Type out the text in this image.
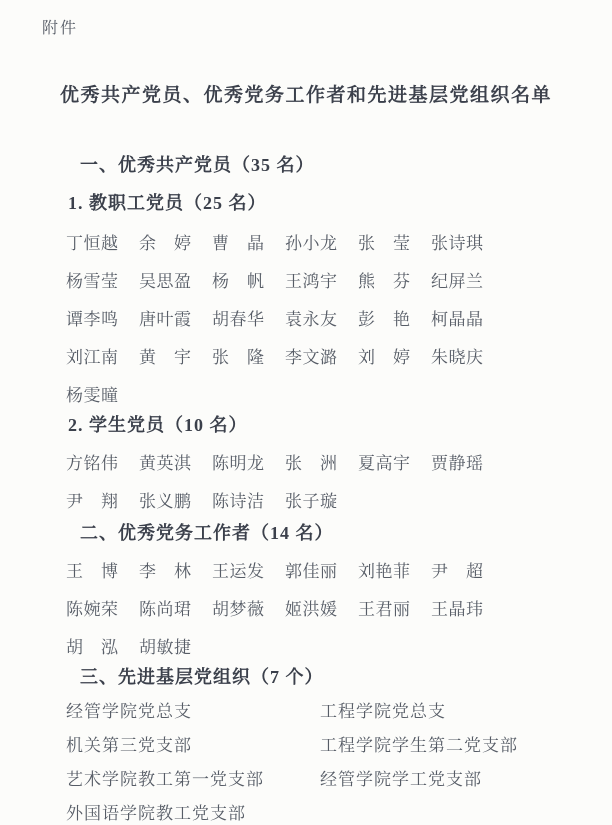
附件
优秀共产党员、优秀党务工作者和先进基层党组织名单
一、优秀共产党员（35 名）
1. 教职工党员（25 名）
丁恒越 余　婷 曹　晶 孙小龙 张　莹 张诗琪
杨雪莹 吴思盈 杨　帆 王鸿宇 熊　芬 纪屏兰
谭李鸣 唐叶霞 胡春华 袁永友 彭　艳 柯晶晶
刘江南 黄　宇 张　隆 李文潞 刘　婷 朱晓庆
杨雯曈
2. 学生党员（10 名）
方铭伟 黄英淇 陈明龙 张　洲 夏高宇 贾静瑶
尹　翔 张义鹏 陈诗洁 张子璇
二、优秀党务工作者（14 名）
王　博 李　林 王运发 郭佳丽 刘艳菲 尹　超
陈婉荣 陈尚珺 胡梦薇 姬洪媛 王君丽 王晶玮
胡　泓 胡敏捷
三、先进基层党组织（7 个）
经管学院党总支
机关第三党支部
艺术学院教工第一党支部
外国语学院教工党支部
工程学院党总支
工程学院学生第二党支部
经管学院学工党支部
